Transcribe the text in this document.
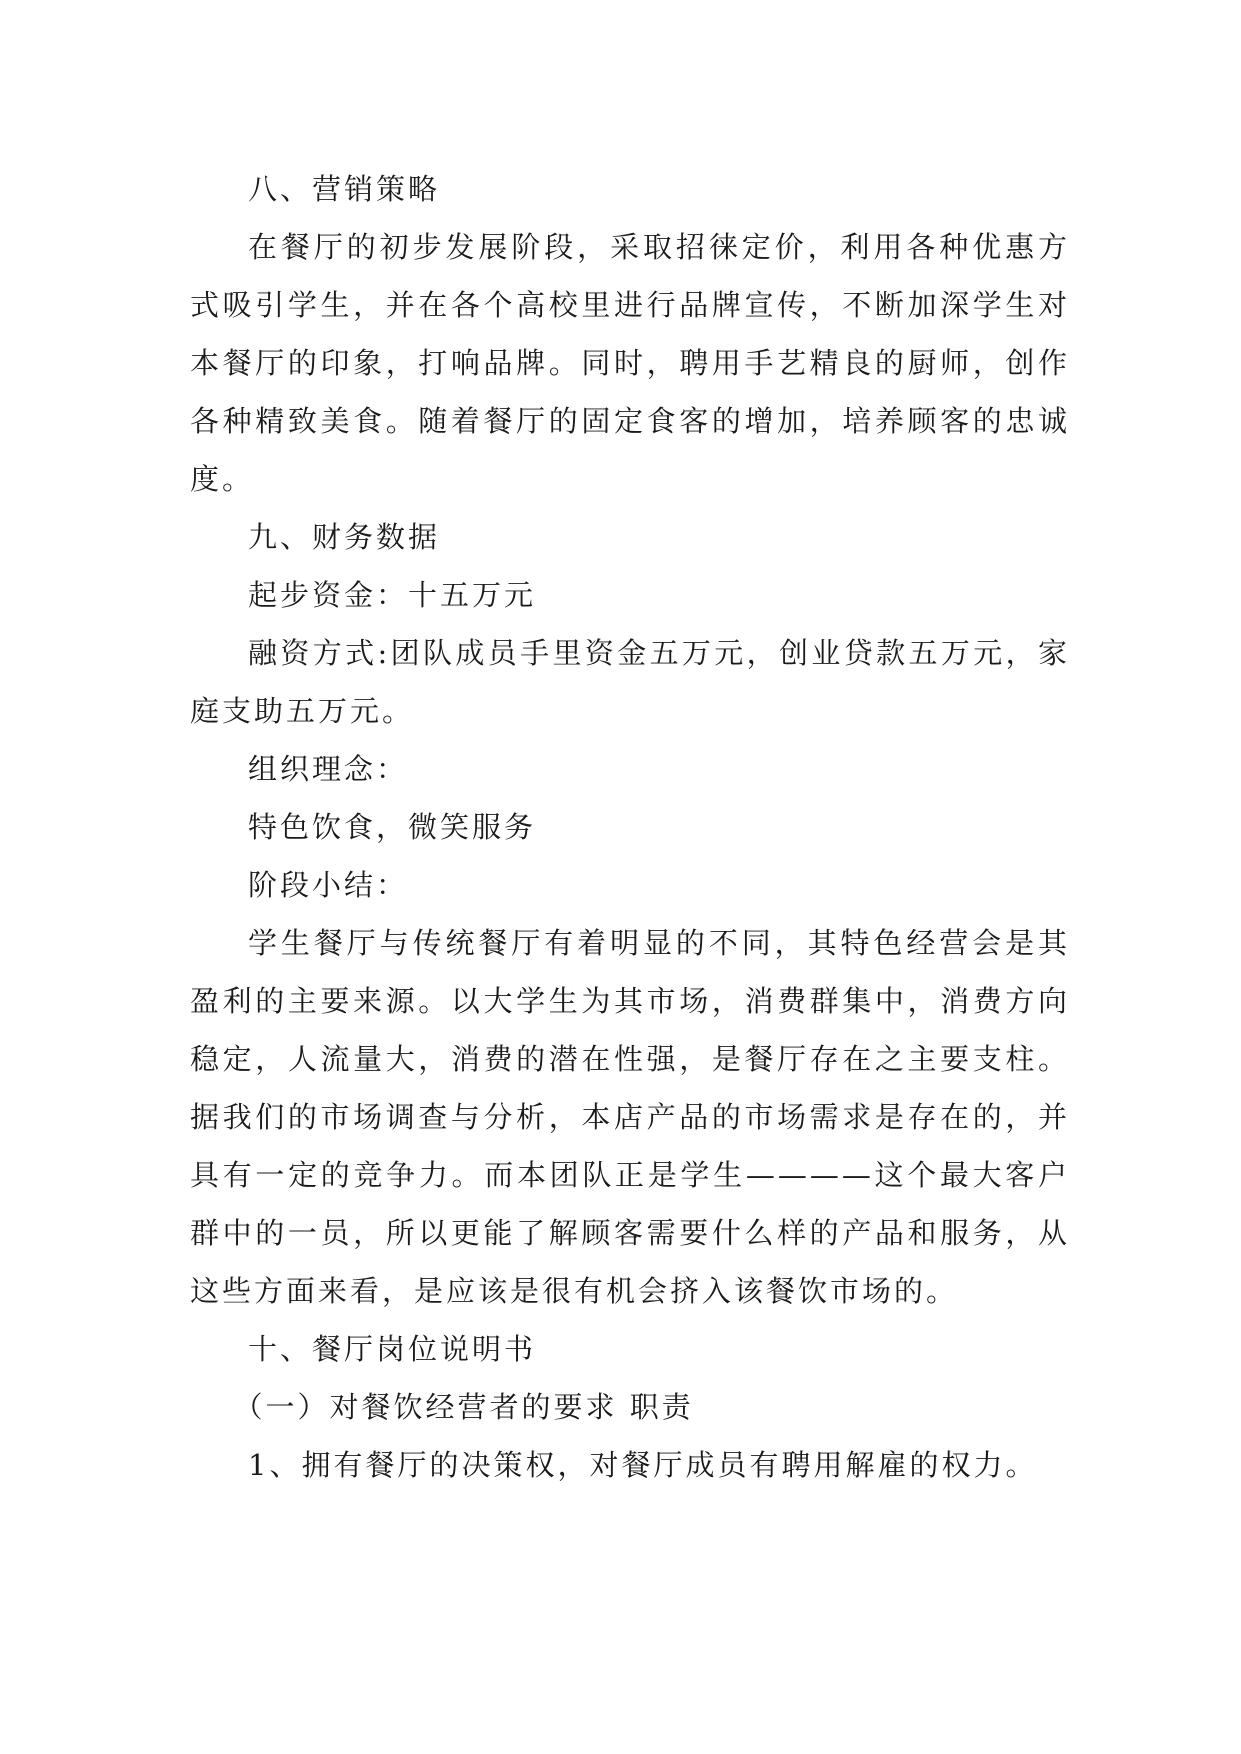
八、营销策略

在餐厅的初步发展阶段，采取招徕定价，利用各种优惠方式吸引学生，并在各个高校里进行品牌宣传，不断加深学生对本餐厅的印象，打响品牌。同时，聘用手艺精良的厨师，创作各种精致美食。随着餐厅的固定食客的增加，培养顾客的忠诚度。

九、财务数据

起步资金：十五万元

融资方式:团队成员手里资金五万元，创业贷款五万元，家庭支助五万元。

组织理念：

特色饮食，微笑服务

阶段小结：

学生餐厅与传统餐厅有着明显的不同，其特色经营会是其盈利的主要来源。以大学生为其市场，消费群集中，消费方向稳定，人流量大，消费的潜在性强，是餐厅存在之主要支柱。据我们的市场调查与分析，本店产品的市场需求是存在的，并具有一定的竞争力。而本团队正是学生————这个最大客户群中的一员，所以更能了解顾客需要什么样的产品和服务，从这些方面来看，是应该是很有机会挤入该餐饮市场的。

十、餐厅岗位说明书

（一）对餐饮经营者的要求 职责

1、拥有餐厅的决策权，对餐厅成员有聘用解雇的权力。
